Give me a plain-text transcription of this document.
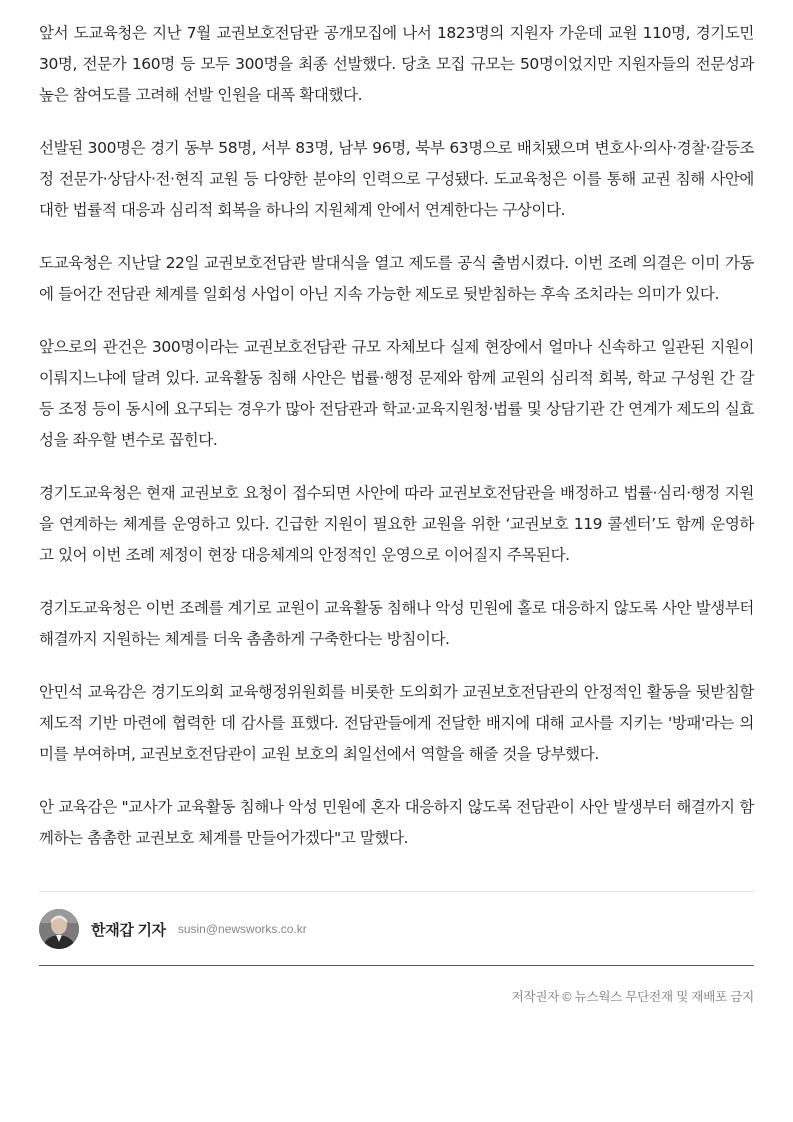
앞서 도교육청은 지난 7월 교권보호전담관 공개모집에 나서 1823명의 지원자 가운데 교원 110명, 경기도민 30명, 전문가 160명 등 모두 300명을 최종 선발했다. 당초 모집 규모는 50명이었지만 지원자들의 전문성과 높은 참여도를 고려해 선발 인원을 대폭 확대했다.

선발된 300명은 경기 동부 58명, 서부 83명, 남부 96명, 북부 63명으로 배치됐으며 변호사·의사·경찰·갈등조정 전문가·상담사·전·현직 교원 등 다양한 분야의 인력으로 구성됐다. 도교육청은 이를 통해 교권 침해 사안에 대한 법률적 대응과 심리적 회복을 하나의 지원체계 안에서 연계한다는 구상이다.

도교육청은 지난달 22일 교권보호전담관 발대식을 열고 제도를 공식 출범시켰다. 이번 조례 의결은 이미 가동에 들어간 전담관 체계를 일회성 사업이 아닌 지속 가능한 제도로 뒷받침하는 후속 조치라는 의미가 있다.

앞으로의 관건은 300명이라는 교권보호전담관 규모 자체보다 실제 현장에서 얼마나 신속하고 일관된 지원이 이뤄지느냐에 달려 있다. 교육활동 침해 사안은 법률·행정 문제와 함께 교원의 심리적 회복, 학교 구성원 간 갈등 조정 등이 동시에 요구되는 경우가 많아 전담관과 학교·교육지원청·법률 및 상담기관 간 연계가 제도의 실효성을 좌우할 변수로 꼽힌다.

경기도교육청은 현재 교권보호 요청이 접수되면 사안에 따라 교권보호전담관을 배정하고 법률·심리·행정 지원을 연계하는 체계를 운영하고 있다. 긴급한 지원이 필요한 교원을 위한 ‘교권보호 119 콜센터’도 함께 운영하고 있어 이번 조례 제정이 현장 대응체계의 안정적인 운영으로 이어질지 주목된다.

경기도교육청은 이번 조례를 계기로 교원이 교육활동 침해나 악성 민원에 홀로 대응하지 않도록 사안 발생부터 해결까지 지원하는 체계를 더욱 촘촘하게 구축한다는 방침이다.

안민석 교육감은 경기도의회 교육행정위원회를 비롯한 도의회가 교권보호전담관의 안정적인 활동을 뒷받침할 제도적 기반 마련에 협력한 데 감사를 표했다. 전담관들에게 전달한 배지에 대해 교사를 지키는 '방패'라는 의미를 부여하며, 교권보호전담관이 교원 보호의 최일선에서 역할을 해줄 것을 당부했다.

안 교육감은 "교사가 교육활동 침해나 악성 민원에 혼자 대응하지 않도록 전담관이 사안 발생부터 해결까지 함께하는 촘촘한 교권보호 체계를 만들어가겠다"고 말했다.

한재갑 기자 susin@newsworks.co.kr
저작권자 © 뉴스웍스 무단전재 및 재배포 금지
